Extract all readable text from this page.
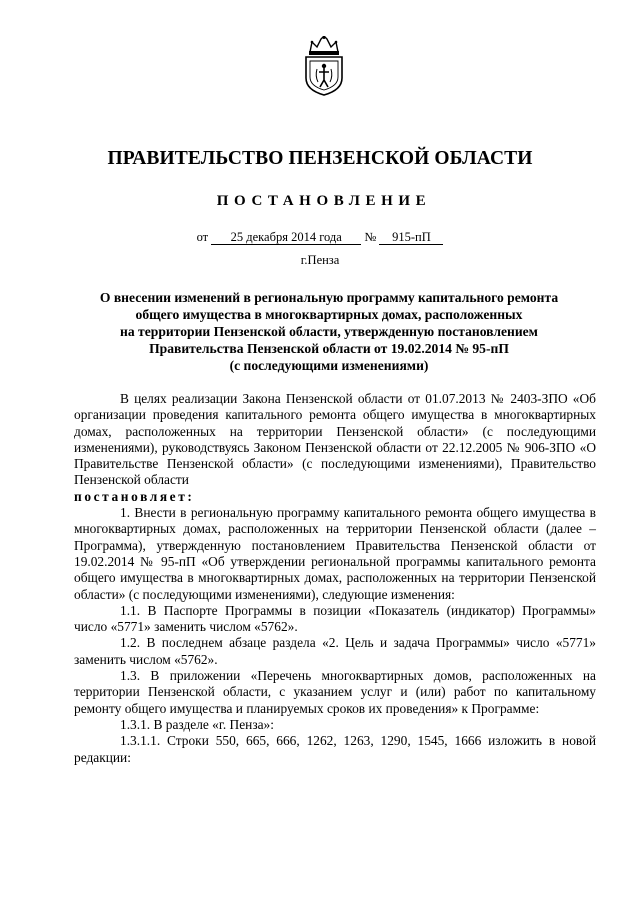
ПРАВИТЕЛЬСТВО ПЕНЗЕНСКОЙ ОБЛАСТИ
ПОСТАНОВЛЕНИЕ
от 25 декабря 2014 года № 915-пП
г.Пенза
О внесении изменений в региональную программу капитального ремонта
общего имущества в многоквартирных домах, расположенных
на территории Пензенской области, утвержденную постановлением
Правительства Пензенской области от 19.02.2014 № 95-пП
(с последующими изменениями)

В целях реализации Закона Пензенской области от 01.07.2013 № 2403-ЗПО «Об организации проведения капитального ремонта общего имущества в многоквартирных домах, расположенных на территории Пензенской области» (с последующими изменениями), руководствуясь Законом Пензенской области от 22.12.2005 № 906-ЗПО «О Правительстве Пензенской области» (с последующими изменениями), Правительство Пензенской области

постановляет:

1. Внести в региональную программу капитального ремонта общего имущества в многоквартирных домах, расположенных на территории Пензенской области (далее – Программа), утвержденную постановлением Правительства Пензенской области от 19.02.2014 № 95-пП «Об утверждении региональной программы капитального ремонта общего имущества в многоквартирных домах, расположенных на территории Пензенской области» (с последующими изменениями), следующие изменения:

1.1. В Паспорте Программы в позиции «Показатель (индикатор) Программы» число «5771» заменить числом «5762».

1.2. В последнем абзаце раздела «2. Цель и задача Программы» число «5771» заменить числом «5762».

1.3. В приложении «Перечень многоквартирных домов, расположенных на территории Пензенской области, с указанием услуг и (или) работ по капитальному ремонту общего имущества и планируемых сроков их проведения» к Программе:

1.3.1. В разделе «г. Пенза»:

1.3.1.1. Строки 550, 665, 666, 1262, 1263, 1290, 1545, 1666 изложить в новой редакции:
